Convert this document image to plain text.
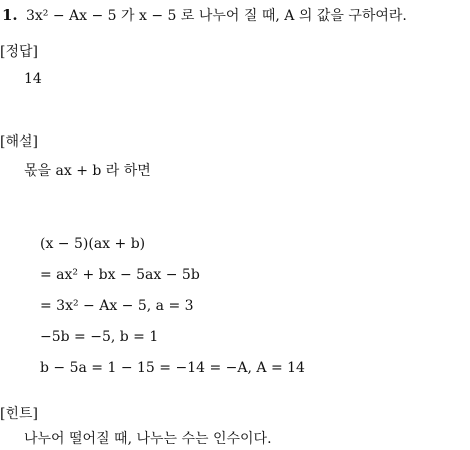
1. 3x² − Ax − 5 가 x − 5 로 나누어 질 때, A 의 값을 구하여라.
[정답]
14
[해설]
몫을 ax + b 라 하면
(x − 5)(ax + b)
= ax² + bx − 5ax − 5b
= 3x² − Ax − 5, a = 3
−5b = −5, b = 1
b − 5a = 1 − 15 = −14 = −A, A = 14
[힌트]
나누어 떨어질 때, 나누는 수는 인수이다.
